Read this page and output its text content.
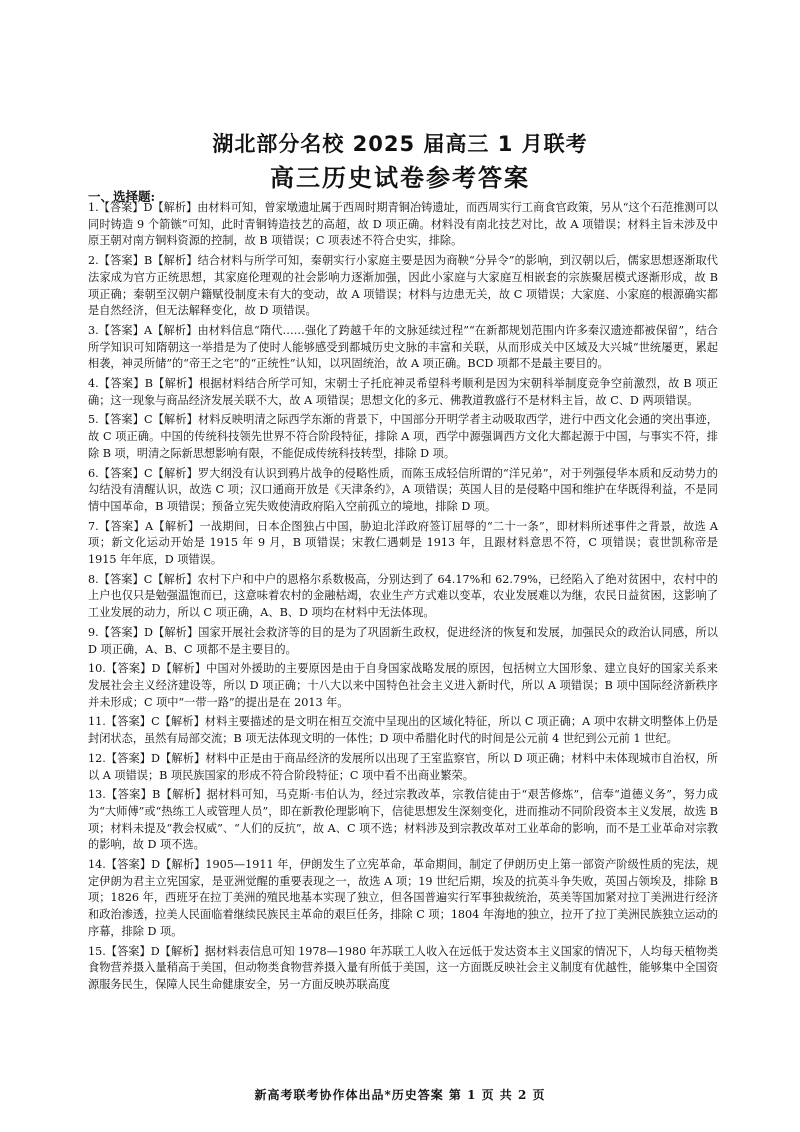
湖北部分名校 2025 届高三 1 月联考
高三历史试卷参考答案
一、选择题:

1.【答案】D【解析】由材料可知，曾家墩遗址属于西周时期青铜冶铸遗址，而西周实行工商食官政策，另从“这个石范推测可以同时铸造 9 个箭镞”可知，此时青铜铸造技艺的高超，故 D 项正确。材料没有南北技艺对比，故 A 项错误；材料主旨未涉及中原王朝对南方铜料资源的控制，故 B 项错误；C 项表述不符合史实，排除。

2.【答案】B【解析】结合材料与所学可知，秦朝实行小家庭主要是因为商鞅“分异令”的影响，到汉朝以后，儒家思想逐渐取代法家成为官方正统思想，其家庭伦理观的社会影响力逐渐加强，因此小家庭与大家庭互相嵌套的宗族聚居模式逐渐形成，故 B 项正确；秦朝至汉朝户籍赋役制度未有大的变动，故 A 项错误；材料与边患无关，故 C 项错误；大家庭、小家庭的根源确实都是自然经济，但无法解释变化，故 D 项错误。

3.【答案】A【解析】由材料信息“隋代……强化了跨越千年的文脉延续过程”“在新都规划范围内许多秦汉遗迹都被保留”，结合所学知识可知隋朝这一举措是为了使时人能够感受到都城历史文脉的丰富和关联，从而形成关中区域及大兴城“世统屡更，累起相袭，神灵所储”的“帝王之宅”的“正统性”认知，以巩固统治，故 A 项正确。BCD 项都不是最主要目的。

4.【答案】B【解析】根据材料结合所学可知，宋朝士子托庇神灵希望科考顺利是因为宋朝科举制度竞争空前激烈，故 B 项正确；这一现象与商品经济发展关联不大，故 A 项错误；思想文化的多元、佛教道教盛行不是材料主旨，故 C、D 两项错误。

5.【答案】C【解析】材料反映明清之际西学东渐的背景下，中国部分开明学者主动吸取西学，进行中西文化会通的突出事迹，故 C 项正确。中国的传统科技领先世界不符合阶段特征，排除 A 项，西学中源强调西方文化大都起源于中国，与事实不符，排除 B 项，明清之际新思想影响有限，不能促成传统科技转型，排除 D 项。

6.【答案】C【解析】罗大纲没有认识到鸦片战争的侵略性质，而陈玉成轻信所谓的“洋兄弟”，对于列强侵华本质和反动势力的勾结没有清醒认识，故选 C 项；汉口通商开放是《天津条约》，A 项错误；英国人目的是侵略中国和维护在华既得利益，不是同情中国革命，B 项错误；预备立宪失败使清政府陷入空前孤立的境地，排除 D 项。

7.【答案】A【解析】一战期间，日本企图独占中国，胁迫北洋政府签订屈辱的“二十一条”，即材料所述事件之背景，故选 A 项；新文化运动开始是 1915 年 9 月，B 项错误；宋教仁遇刺是 1913 年，且跟材料意思不符，C 项错误；袁世凯称帝是 1915 年年底，D 项错误。

8.【答案】C【解析】农村下户和中户的恩格尔系数极高，分别达到了 64.17%和 62.79%，已经陷入了绝对贫困中，农村中的上户也仅只是勉强温饱而已，这意味着农村的金融枯竭，农业生产方式难以变革，农业发展难以为继，农民日益贫困，这影响了工业发展的动力，所以 C 项正确，A、B、D 项均在材料中无法体现。

9.【答案】D【解析】国家开展社会救济等的目的是为了巩固新生政权，促进经济的恢复和发展，加强民众的政治认同感，所以 D 项正确，A、B、C 项都不是主要目的。

10.【答案】D【解析】中国对外援助的主要原因是由于自身国家战略发展的原因，包括树立大国形象、建立良好的国家关系来发展社会主义经济建设等，所以 D 项正确；十八大以来中国特色社会主义进入新时代，所以 A 项错误；B 项中国际经济新秩序并未形成；C 项中“一带一路”的提出是在 2013 年。

11.【答案】C【解析】材料主要描述的是文明在相互交流中呈现出的区域化特征，所以 C 项正确；A 项中农耕文明整体上仍是封闭状态，虽然有局部交流；B 项无法体现文明的一体性；D 项中希腊化时代的时间是公元前 4 世纪到公元前 1 世纪。

12.【答案】D【解析】材料中正是由于商品经济的发展所以出现了王室监察官，所以 D 项正确；材料中未体现城市自治权，所以 A 项错误；B 项民族国家的形成不符合阶段特征；C 项中看不出商业繁荣。

13.【答案】B【解析】据材料可知，马克斯·韦伯认为，经过宗教改革，宗教信徒由于“艰苦修炼”，信奉“道德义务”，努力成为“大师傅”或“热练工人或管理人员”，即在新教伦理影响下，信徒思想发生深刻变化，进而推动不同阶段资本主义发展，故选 B 项；材料未提及“教会权威”、“人们的反抗”，故 A、C 项不选；材料涉及到宗教改革对工业革命的影响，而不是工业革命对宗教的影响，故 D 项不选。

14.【答案】D【解析】1905—1911 年，伊朗发生了立宪革命，革命期间，制定了伊朗历史上第一部资产阶级性质的宪法，规定伊朗为君主立宪国家，是亚洲觉醒的重要表现之一，故选 A 项；19 世纪后期，埃及的抗英斗争失败，英国占领埃及，排除 B 项；1826 年，西班牙在拉丁美洲的殖民地基本实现了独立，但各国普遍实行军事独裁统治，英美等国加紧对拉丁美洲进行经济和政治渗透，拉美人民面临着继续民族民主革命的艰巨任务，排除 C 项；1804 年海地的独立，拉开了拉丁美洲民族独立运动的序幕，排除 D 项。

15.【答案】D【解析】据材料表信息可知 1978—1980 年苏联工人收入在远低于发达资本主义国家的情况下，人均每天植物类食物营养摄入量稍高于美国，但动物类食物营养摄入量有所低于美国，这一方面既反映社会主义制度有优越性，能够集中全国资源服务民生，保障人民生命健康安全，另一方面反映苏联高度

新高考联考协作体出品*历史答案 第 1 页 共 2 页
